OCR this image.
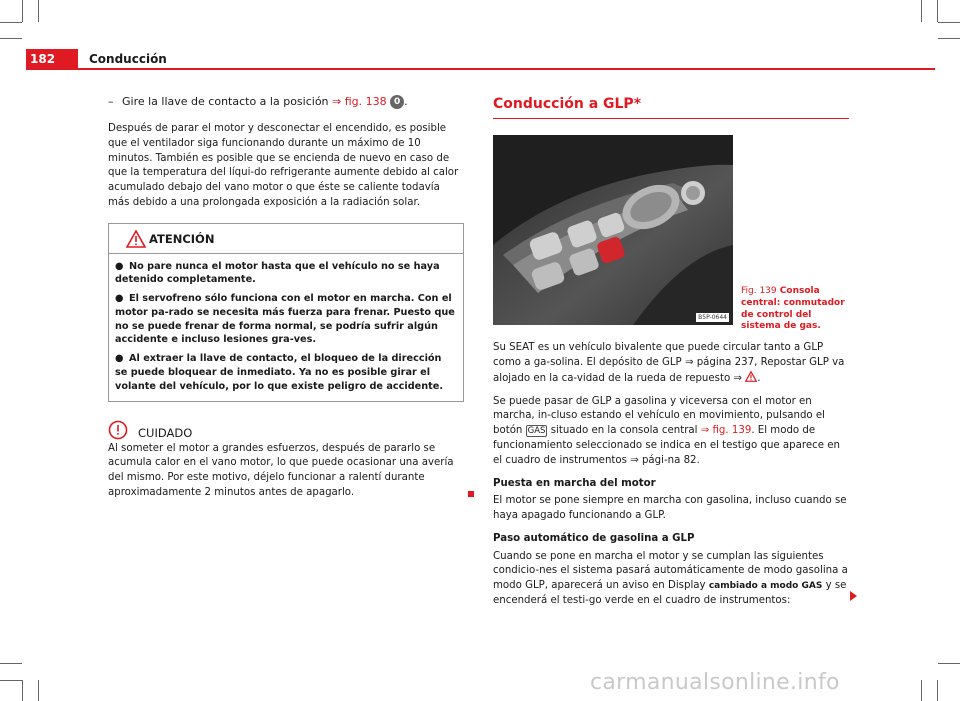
182	Conducción
– Gire la llave de contacto a la posición ⇒ fig. 138 0 .

Después de parar el motor y desconectar el encendido, es posible que el ventilador siga funcionando durante un máximo de 10 minutos. También es posible que se encienda de nuevo en caso de que la temperatura del líqui-do refrigerante aumente debido al calor acumulado debajo del vano motor o que éste se caliente todavía más debido a una prolongada exposición a la radiación solar.

ATENCIÓN
● No pare nunca el motor hasta que el vehículo no se haya detenido completamente.
● El servofreno sólo funciona con el motor en marcha. Con el motor pa-rado se necesita más fuerza para frenar. Puesto que no se puede frenar de forma normal, se podría sufrir algún accidente e incluso lesiones gra-ves.
● Al extraer la llave de contacto, el bloqueo de la dirección se puede bloquear de inmediato. Ya no es posible girar el volante del vehículo, por lo que existe peligro de accidente.
CUIDADO

Al someter el motor a grandes esfuerzos, después de pararlo se acumula calor en el vano motor, lo que puede ocasionar una avería del mismo. Por este motivo, déjelo funcionar a ralentí durante aproximadamente 2 minutos antes de apagarlo.

Conducción a GLP*
B5P-0644
Fig. 139 Consola central: conmutador de control del sistema de gas.

Su SEAT es un vehículo bivalente que puede circular tanto a GLP como a ga-solina. El depósito de GLP ⇒ página 237, Repostar GLP va alojado en la ca-vidad de la rueda de repuesto ⇒ .

Se puede pasar de GLP a gasolina y viceversa con el motor en marcha, in-cluso estando el vehículo en movimiento, pulsando el botón GAS situado en la consola central ⇒ fig. 139. El modo de funcionamiento seleccionado se indica en el testigo que aparece en el cuadro de instrumentos ⇒ pági-na 82.

Puesta en marcha del motor

El motor se pone siempre en marcha con gasolina, incluso cuando se haya apagado funcionando a GLP.

Paso automático de gasolina a GLP

Cuando se pone en marcha el motor y se cumplan las siguientes condicio-nes el sistema pasará automáticamente de modo gasolina a modo GLP, aparecerá un aviso en Display cambiado a modo GAS y se encenderá el testi-go verde en el cuadro de instrumentos:

carmanualsonline.info
